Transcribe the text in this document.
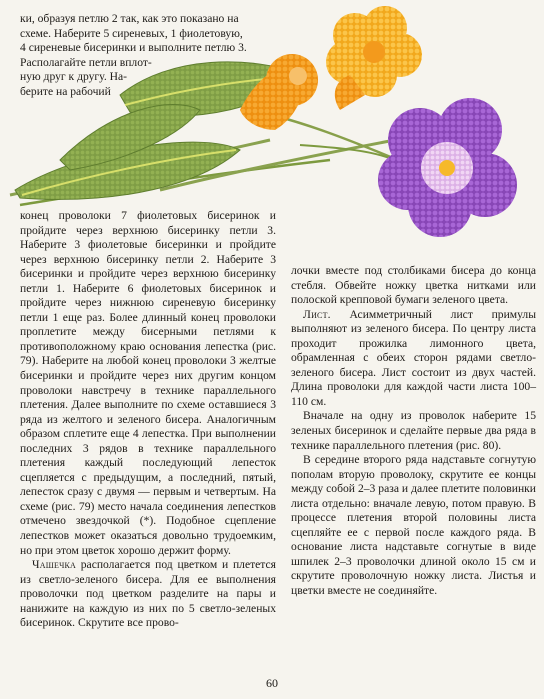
ки, образуя петлю 2 так, как это показано на
схеме. Наберите 5 сиреневых, 1 фиолетовую,
4 сиреневые бисеринки и выполните петлю 3.
Располагайте петли вплот-
ную друг к другу. На-
берите на рабочий

конец проволоки 7 фиолетовых бисеринок и пройдите через верхнюю бисеринку петли 3. Наберите 3 фиолетовые бисеринки и пройдите через верхнюю бисеринку петли 2. Наберите 3 бисеринки и пройдите через верхнюю бисеринку петли 1. Наберите 6 фиолетовых бисеринок и пройдите через нижнюю сиреневую бисеринку петли 1 еще раз. Более длинный конец проволоки проплетите между бисерными петлями к противоположному краю основания лепестка (рис. 79). Наберите на любой конец проволоки 3 желтые бисеринки и пройдите через них другим концом проволоки навстречу в технике параллельного плетения. Далее выполните по схеме оставшиеся 3 ряда из желтого и зеленого бисера. Аналогичным образом сплетите еще 4 лепестка. При выполнении последних 3 рядов в технике параллельного плетения каждый последующий лепесток сцепляется с предыдущим, а последний, пятый, лепесток сразу с двумя — первым и четвертым. На схеме (рис. 79) место начала соединения лепестков отмечено звездочкой (*). Подобное сцепление лепестков может оказаться довольно трудоемким, но при этом цветок хорошо держит форму.

Чашечка располагается под цветком и плетется из светло-зеленого бисера. Для ее выполнения проволочки под цветком разделите на пары и нанижите на каждую из них по 5 светло-зеленых бисеринок. Скрутите все прово-

лочки вместе под столбиками бисера до конца стебля. Обвейте ножку цветка нитками или полоской крепповой бумаги зеленого цвета.

Лист. Асимметричный лист примулы выполняют из зеленого бисера. По центру листа проходит прожилка лимонного цвета, обрамленная с обеих сторон рядами светло-зеленого бисера. Лист состоит из двух частей. Длина проволоки для каждой части листа 100–110 см.

Вначале на одну из проволок наберите 15 зеленых бисеринок и сделайте первые два ряда в технике параллельного плетения (рис. 80).

В середине второго ряда надставьте согнутую пополам вторую проволоку, скрутите ее концы между собой 2–3 раза и далее плетите половинки листа отдельно: вначале левую, потом правую. В процессе плетения второй половины листа сцепляйте ее с первой после каждого ряда. В основание листа надставьте согнутые в виде шпилек 2–3 проволочки длиной около 15 см и скрутите проволочную ножку листа. Листья и цветки вместе не соединяйте.

60
